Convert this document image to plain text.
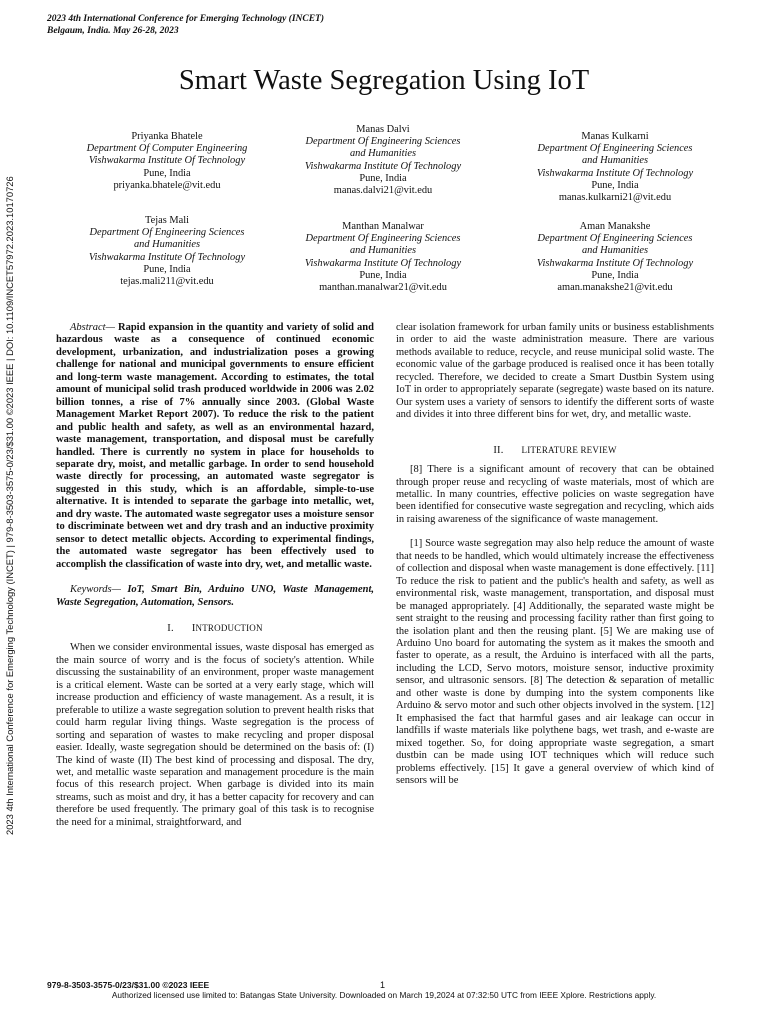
2023 4th International Conference for Emerging Technology (INCET)
Belgaum, India. May 26-28, 2023
Smart Waste Segregation Using IoT
Priyanka Bhatele
Department Of Computer Engineering
Vishwakarma Institute Of Technology
Pune, India
priyanka.bhatele@vit.edu
Manas Dalvi
Department Of Engineering Sciences
and Humanities
Vishwakarma Institute Of Technology
Pune, India
manas.dalvi21@vit.edu
Manas Kulkarni
Department Of Engineering Sciences
and Humanities
Vishwakarma Institute Of Technology
Pune, India
manas.kulkarni21@vit.edu
Tejas Mali
Department Of Engineering Sciences
and Humanities
Vishwakarma Institute Of Technology
Pune, India
tejas.mali211@vit.edu
Manthan Manalwar
Department Of Engineering Sciences
and Humanities
Vishwakarma Institute Of Technology
Pune, India
manthan.manalwar21@vit.edu
Aman Manakshe
Department Of Engineering Sciences
and Humanities
Vishwakarma Institute Of Technology
Pune, India
aman.manakshe21@vit.edu
2023 4th International Conference for Emerging Technology (INCET) | 979-8-3503-3575-0/23/$31.00 ©2023 IEEE | DOI: 10.1109/INCET57972.2023.10170726	Abstract— Rapid expansion in the quantity and variety of solid and hazardous waste as a consequence of continued economic development, urbanization, and industrialization poses a growing challenge for national and municipal governments to ensure efficient and long-term waste management. According to estimates, the total amount of municipal solid trash produced worldwide in 2006 was 2.02 billion tonnes, a rise of 7% annually since 2003. (Global Waste Management Market Report 2007). To reduce the risk to the patient and public health and safety, as well as an environmental hazard, waste management, transportation, and disposal must be carefully handled. There is currently no system in place for households to separate dry, moist, and metallic garbage. In order to send household waste directly for processing, an automated waste segregator is suggested in this study, which is an affordable, simple-to-use alternative. It is intended to separate the garbage into metallic, wet, and dry waste. The automated waste segregator uses a moisture sensor to discriminate between wet and dry trash and an inductive proximity sensor to detect metallic objects. According to experimental findings, the automated waste segregator has been effectively used to accomplish the classification of waste into dry, wet, and metallic waste.

Keywords— IoT, Smart Bin, Arduino UNO, Waste Management, Waste Segregation, Automation, Sensors.

I. INTRODUCTION

When we consider environmental issues, waste disposal has emerged as the main source of worry and is the focus of society's attention. While discussing the sustainability of an environment, proper waste management is a critical element. Waste can be sorted at a very early stage, which will increase production and efficiency of waste management. As a result, it is preferable to utilize a waste segregation solution to prevent health risks that could harm regular living things. Waste segregation is the process of sorting and separation of wastes to make recycling and proper disposal easier. Ideally, waste segregation should be determined on the basis of: (I) The kind of waste (II) The best kind of processing and disposal. The dry, wet, and metallic waste separation and management procedure is the main focus of this research project. When garbage is divided into its main streams, such as moist and dry, it has a better capacity for recovery and can therefore be used frequently. The primary goal of this task is to recognise the need for a minimal, straightforward, and

clear isolation framework for urban family units or business establishments in order to aid the waste administration measure. There are various methods available to reduce, recycle, and reuse municipal solid waste. The economic value of the garbage produced is realised once it has been totally recycled. Therefore, we decided to create a Smart Dustbin System using IoT in order to appropriately separate (segregate) waste based on its nature. Our system uses a variety of sensors to identify the different sorts of waste and divides it into three different bins for wet, dry, and metallic waste.

II. LITERATURE REVIEW

[8] There is a significant amount of recovery that can be obtained through proper reuse and recycling of waste materials, most of which are metallic. In many countries, effective policies on waste segregation have been identified for consecutive waste segregation and recycling, which aids in raising awareness of the significance of waste management.

[1] Source waste segregation may also help reduce the amount of waste that needs to be handled, which would ultimately increase the effectiveness of collection and disposal when waste management is done effectively. [11] To reduce the risk to patient and the public's health and safety, as well as environmental risk, waste management, transportation, and disposal must be managed appropriately. [4] Additionally, the separated waste might be sent straight to the reusing and processing facility rather than first going to the isolation plant and then the reusing plant. [5] We are making use of Arduino Uno board for automating the system as it makes the smooth and faster to operate, as a result, the Arduino is interfaced with all the parts, including the LCD, Servo motors, moisture sensor, inductive proximity sensor, and ultrasonic sensors. [8] The detection & separation of metallic and other waste is done by dumping into the system components like Arduino & servo motor and such other objects involved in the system. [12] It emphasised the fact that harmful gases and air leakage can occur in landfills if waste materials like polythene bags, wet trash, and e-waste are mixed together. So, for doing appropriate waste segregation, a smart dustbin can be made using IOT techniques which will reduce such problems effectively. [15] It gave a general overview of which kind of sensors will be

979-8-3503-3575-0/23/$31.00 ©2023 IEEE	1
Authorized licensed use limited to: Batangas State University. Downloaded on March 19,2024 at 07:32:50 UTC from IEEE Xplore. Restrictions apply.
